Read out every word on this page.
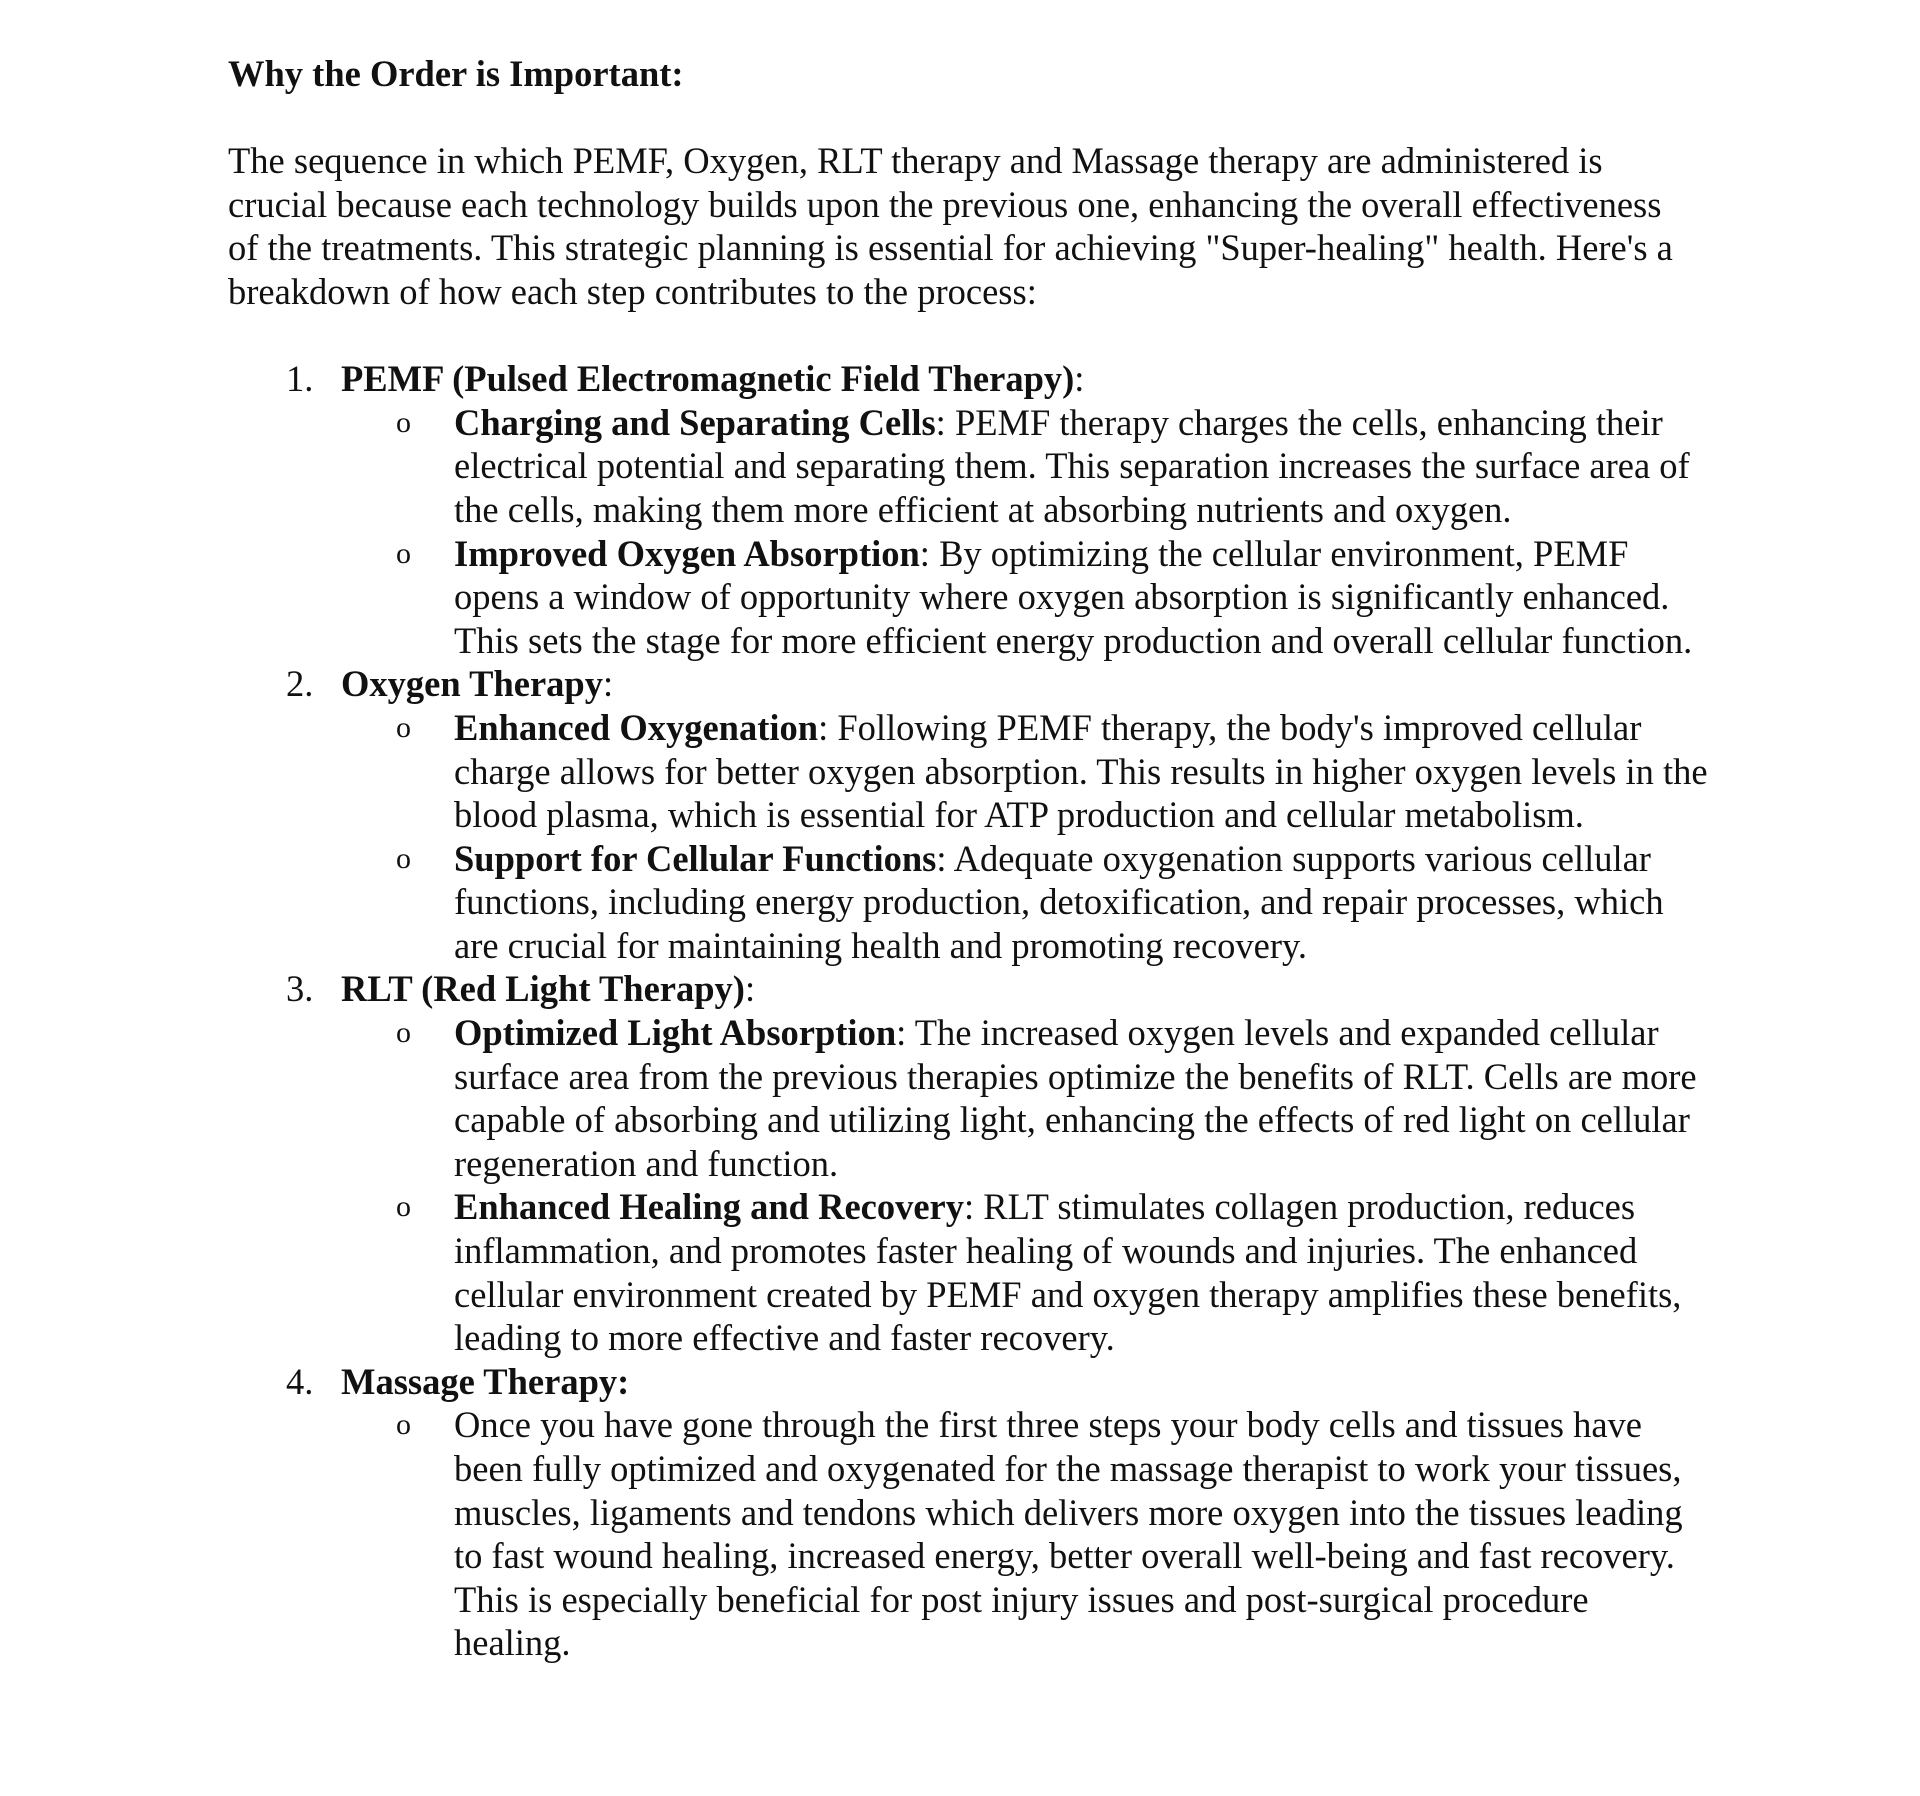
Why the Order is Important:

The sequence in which PEMF, Oxygen, RLT therapy and Massage therapy are administered is crucial because each technology builds upon the previous one, enhancing the overall effectiveness of the treatments. This strategic planning is essential for achieving "Super-healing" health. Here's a breakdown of how each step contributes to the process:

1. PEMF (Pulsed Electromagnetic Field Therapy):
o	Charging and Separating Cells: PEMF therapy charges the cells, enhancing their electrical potential and separating them. This separation increases the surface area of the cells, making them more efficient at absorbing nutrients and oxygen.
o	Improved Oxygen Absorption: By optimizing the cellular environment, PEMF opens a window of opportunity where oxygen absorption is significantly enhanced. This sets the stage for more efficient energy production and overall cellular function.
2. Oxygen Therapy:
o	Enhanced Oxygenation: Following PEMF therapy, the body's improved cellular charge allows for better oxygen absorption. This results in higher oxygen levels in the blood plasma, which is essential for ATP production and cellular metabolism.
o	Support for Cellular Functions: Adequate oxygenation supports various cellular functions, including energy production, detoxification, and repair processes, which are crucial for maintaining health and promoting recovery.
3. RLT (Red Light Therapy):
o	Optimized Light Absorption: The increased oxygen levels and expanded cellular surface area from the previous therapies optimize the benefits of RLT. Cells are more capable of absorbing and utilizing light, enhancing the effects of red light on cellular regeneration and function.
o	Enhanced Healing and Recovery: RLT stimulates collagen production, reduces inflammation, and promotes faster healing of wounds and injuries. The enhanced cellular environment created by PEMF and oxygen therapy amplifies these benefits, leading to more effective and faster recovery.
4. Massage Therapy:
o	Once you have gone through the first three steps your body cells and tissues have been fully optimized and oxygenated for the massage therapist to work your tissues, muscles, ligaments and tendons which delivers more oxygen into the tissues leading to fast wound healing, increased energy, better overall well-being and fast recovery. This is especially beneficial for post injury issues and post-surgical procedure healing.
